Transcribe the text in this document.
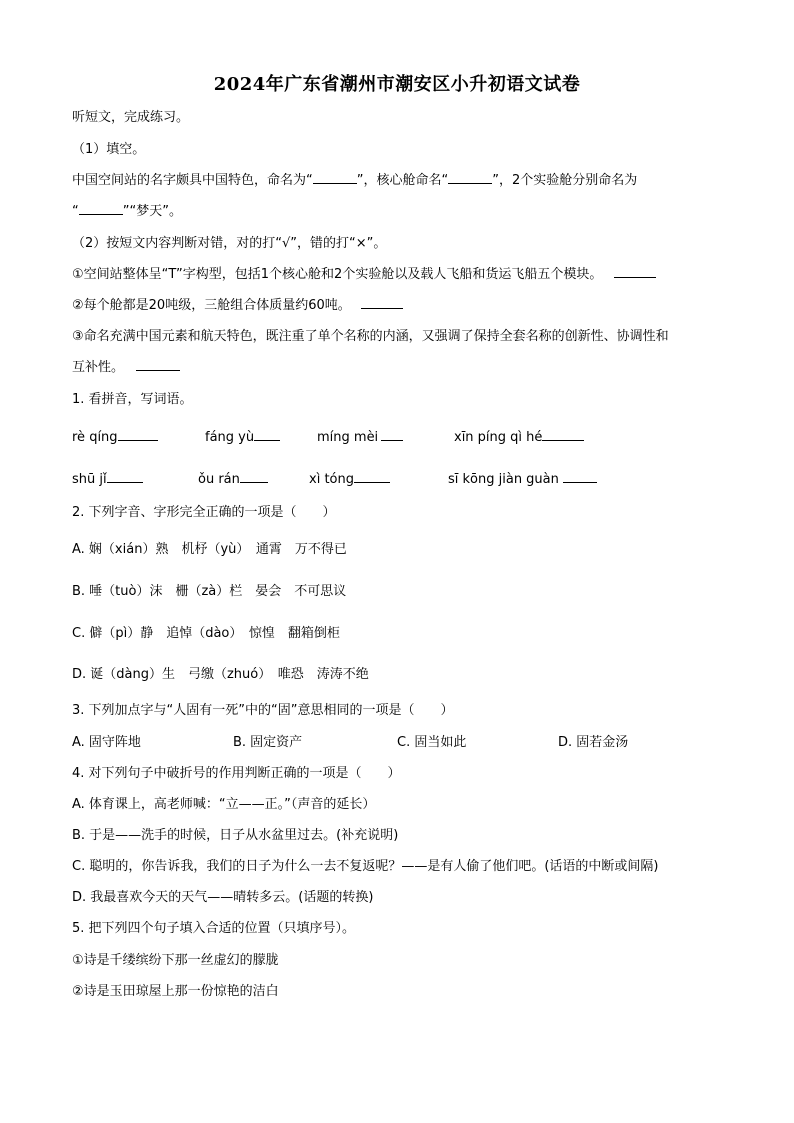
2024年广东省潮州市潮安区小升初语文试卷
听短文，完成练习。
（1）填空。
中国空间站的名字颇具中国特色，命名为“	”，核心舱命名“	”，2个实验舱分别命名为
“	”“梦天”。
（2）按短文内容判断对错，对的打“√”，错的打“×”。
①空间站整体呈“T”字构型，包括1个核心舱和2个实验舱以及载人飞船和货运飞船五个模块。
②每个舱都是20吨级，三舱组合体质量约60吨。
③命名充满中国元素和航天特色，既注重了单个名称的内涵，又强调了保持全套名称的创新性、协调性和
互补性。
1. 看拼音，写词语。
rè qíng	fáng yù	míng mèi	xīn píng qì hé
shū jǐ	ǒu rán	xì tóng	sī kōng jiàn guàn
2. 下列字音、字形完全正确的一项是（　　）
A. 娴（xián）熟　机杼（yù）　通霄　万不得已
B. 唾（tuò）沫　栅（zà）栏　晏会　不可思议
C. 僻（pì）静　追悼（dào）　惊惶　翻箱倒柜
D. 诞（dàng）生　弓缴（zhuó）　唯恐　涛涛不绝
3. 下列加点字与“人固有一死”中的“固”意思相同的一项是（　　）
A. 固守阵地	B. 固定资产	C. 固当如此	D. 固若金汤
4. 对下列句子中破折号的作用判断正确的一项是（　　）
A. 体育课上，高老师喊：“立——正。”（声音的延长）
B. 于是——洗手的时候，日子从水盆里过去。(补充说明)
C. 聪明的，你告诉我，我们的日子为什么一去不复返呢？——是有人偷了他们吧。(话语的中断或间隔)
D. 我最喜欢今天的天气——晴转多云。(话题的转换)
5. 把下列四个句子填入合适的位置（只填序号）。
①诗是千缕缤纷下那一丝虚幻的朦胧
②诗是玉田琼屋上那一份惊艳的洁白
